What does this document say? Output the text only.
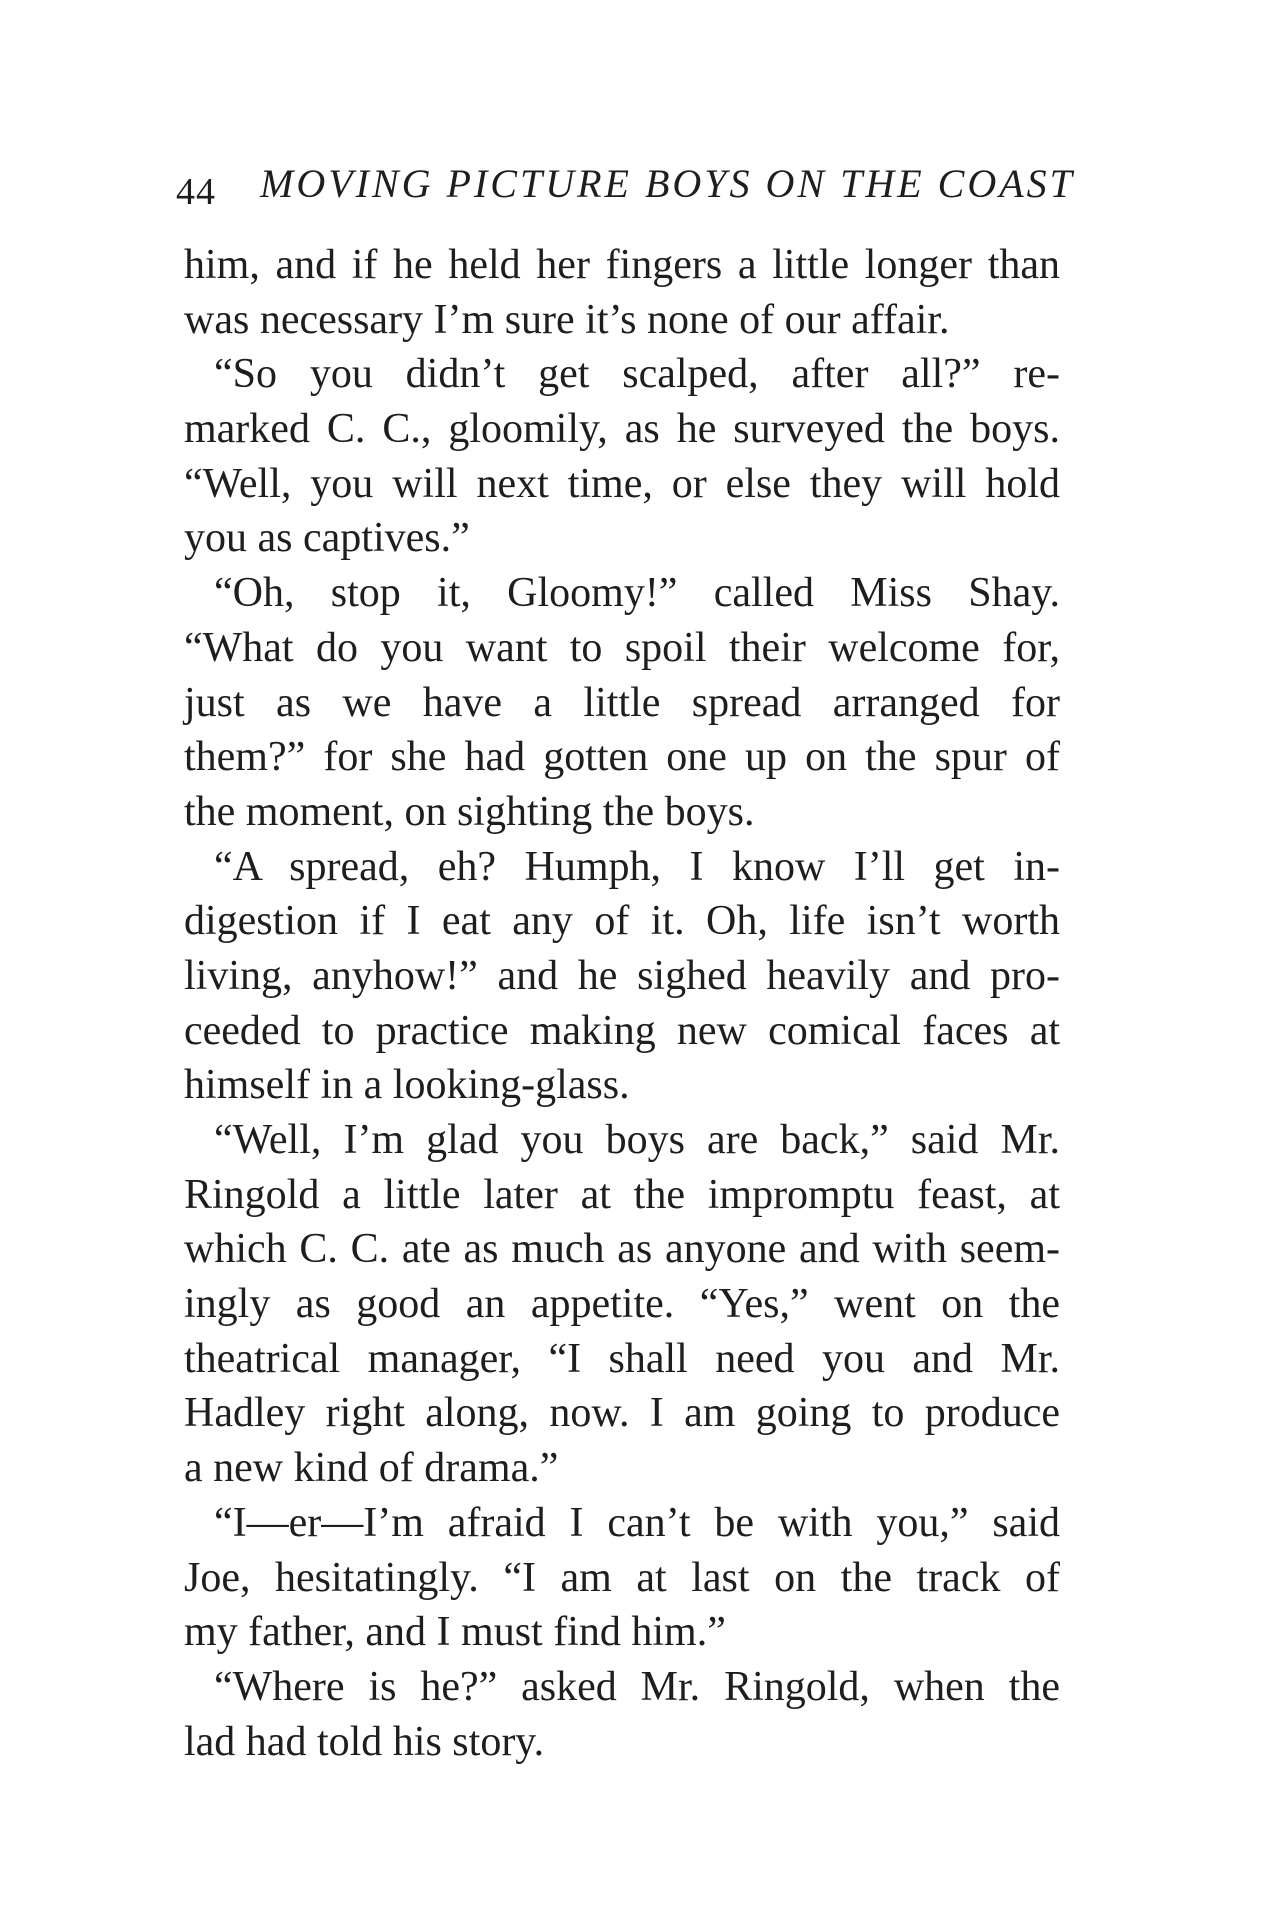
44 MOVING PICTURE BOYS ON THE COAST
him, and if he held her fingers a little longer than
was necessary I’m sure it’s none of our affair.
“So you didn’t get scalped, after all?” re-
marked C. C., gloomily, as he surveyed the boys.
“Well, you will next time, or else they will hold
you as captives.”
“Oh, stop it, Gloomy!” called Miss Shay.
“What do you want to spoil their welcome for,
just as we have a little spread arranged for
them?” for she had gotten one up on the spur of
the moment, on sighting the boys.
“A spread, eh? Humph, I know I’ll get in-
digestion if I eat any of it. Oh, life isn’t worth
living, anyhow!” and he sighed heavily and pro-
ceeded to practice making new comical faces at
himself in a looking-glass.
“Well, I’m glad you boys are back,” said Mr.
Ringold a little later at the impromptu feast, at
which C. C. ate as much as anyone and with seem-
ingly as good an appetite. “Yes,” went on the
theatrical manager, “I shall need you and Mr.
Hadley right along, now. I am going to produce
a new kind of drama.”
“I—er—I’m afraid I can’t be with you,” said
Joe, hesitatingly. “I am at last on the track of
my father, and I must find him.”
“Where is he?” asked Mr. Ringold, when the
lad had told his story.
